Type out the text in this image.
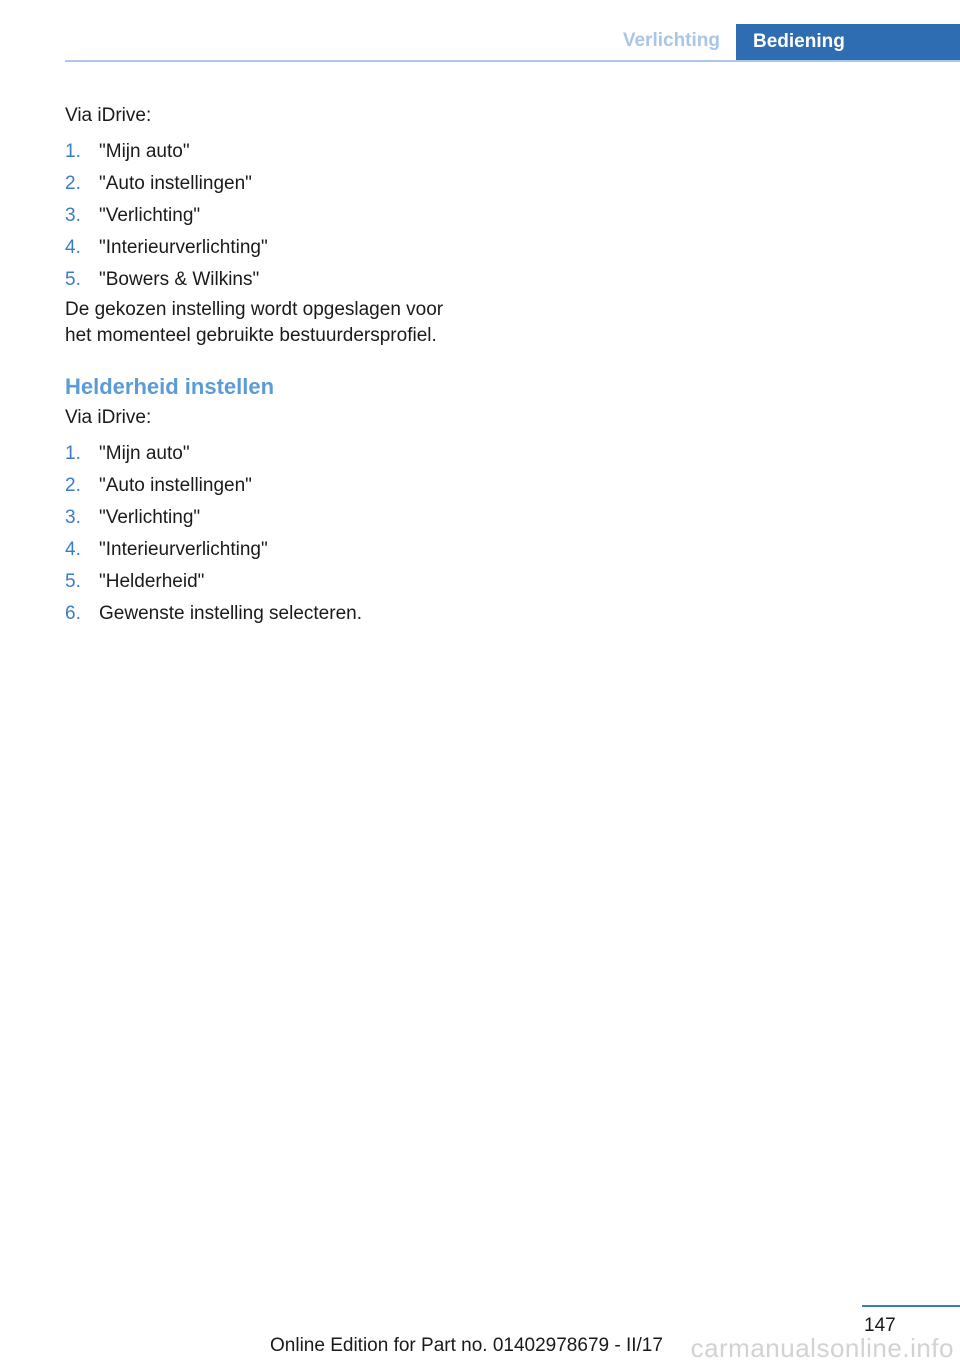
Verlichting	Bediening

Via iDrive:

1. "Mijn auto"
2. "Auto instellingen"
3. "Verlichting"
4. "Interieurverlichting"
5. "Bowers & Wilkins"

De gekozen instelling wordt opgeslagen voor
het momenteel gebruikte bestuurdersprofiel.

Helderheid instellen

Via iDrive:

1. "Mijn auto"
2. "Auto instellingen"
3. "Verlichting"
4. "Interieurverlichting"
5. "Helderheid"
6. Gewenste instelling selecteren.
147
Online Edition for Part no. 01402978679 - II/17 carmanualsonline.info
